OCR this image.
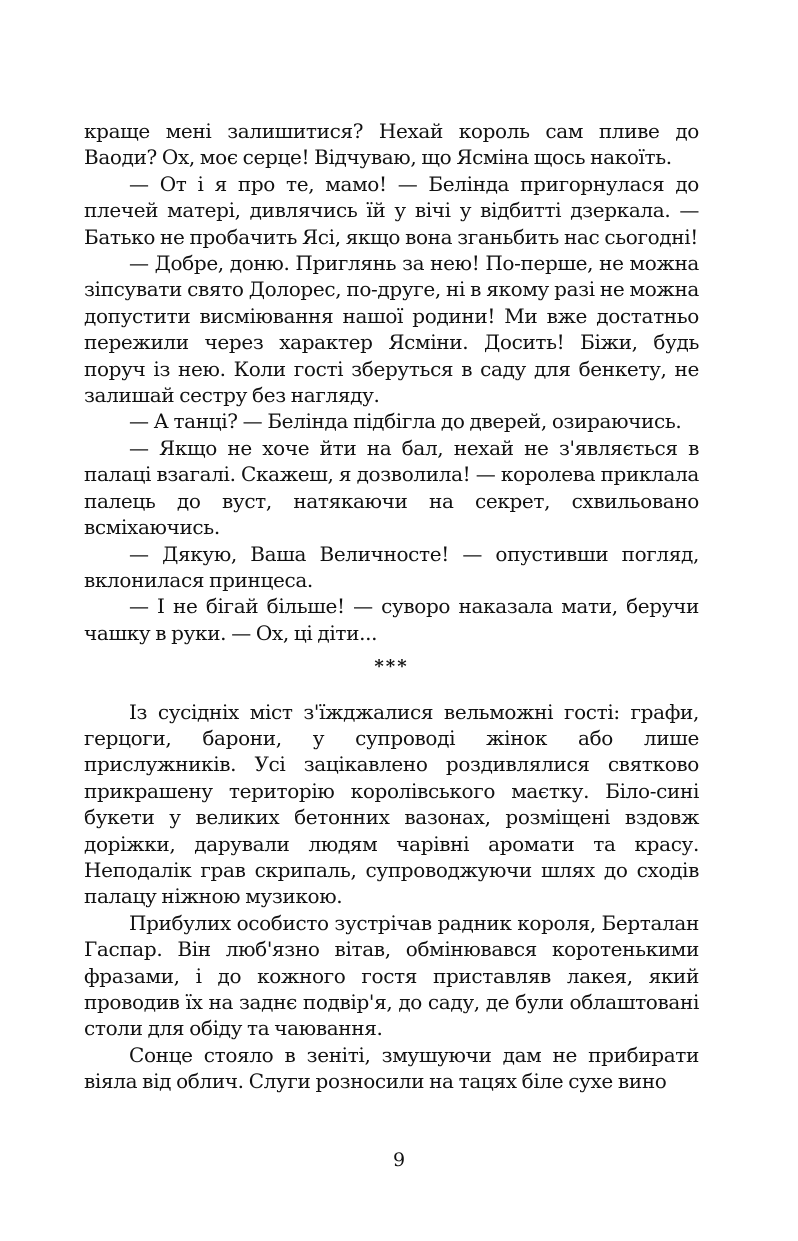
краще мені залишитися? Нехай король сам пливе до Ваоди? Ох, моє серце! Відчуваю, що Ясміна щось накоїть.

— От і я про те, мамо! — Белінда пригорнулася до плечей матері, дивлячись їй у вічі у відбитті дзеркала. — Батько не пробачить Ясі, якщо вона зганьбить нас сьогодні!

— Добре, доню. Приглянь за нею! По-перше, не можна зіпсувати свято Долорес, по-друге, ні в якому разі не можна допустити висміювання нашої родини! Ми вже достатньо пережили через характер Ясміни. Досить! Біжи, будь поруч із нею. Коли гості зберуться в саду для бенкету, не залишай сестру без нагляду.

— А танці? — Белінда підбігла до дверей, озираючись.

— Якщо не хоче йти на бал, нехай не з'являється в палаці взагалі. Скажеш, я дозволила! — королева приклала палець до вуст, натякаючи на секрет, схвильовано всміхаючись.

— Дякую, Ваша Величносте! — опустивши погляд, вклонилася принцеса.

— І не бігай більше! — суворо наказала мати, беручи чашку в руки. — Ох, ці діти...

***

Із сусідніх міст з'їжджалися вельможні гості: графи, герцоги, барони, у супроводі жінок або лише прислужників. Усі зацікавлено роздивлялися святково прикрашену територію королівського маєтку. Біло-сині букети у великих бетонних вазонах, розміщені вздовж доріжки, дарували людям чарівні аромати та красу. Неподалік грав скрипаль, супроводжуючи шлях до сходів палацу ніжною музикою.

Прибулих особисто зустрічав радник короля, Берталан Гаспар. Він люб'язно вітав, обмінювався коротенькими фразами, і до кожного гостя приставляв лакея, який проводив їх на заднє подвір'я, до саду, де були облаштовані столи для обіду та чаювання.

Сонце стояло в зеніті, змушуючи дам не прибирати віяла від облич. Слуги розносили на тацях біле сухе вино

9
